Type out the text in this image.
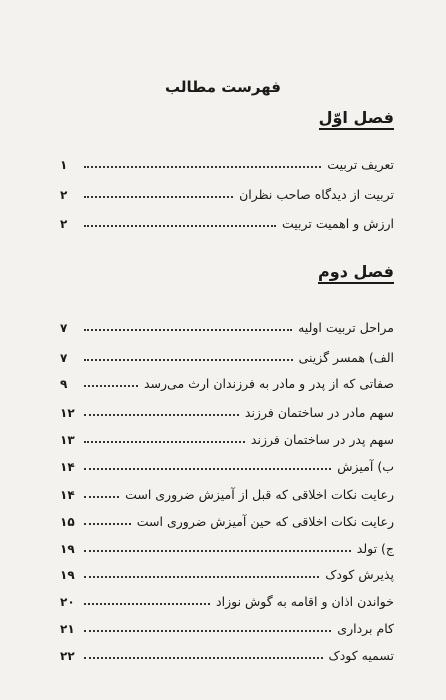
فهرست مطالب
فصل اوّل
تعریف تربیت
۱
تربیت از دیدگاه صاحب نظران
۲
ارزش و اهمیت تربیت
۲
فصل دوم
مراحل تربیت اولیه
۷
الف) همسر گزینی
۷
صفاتی که از پدر و مادر به فرزندان ارث می‌رسد
۹
سهم مادر در ساختمان فرزند
۱۲
سهم پدر در ساختمان فرزند
۱۳
ب) آمیزش
۱۴
رعایت نکات اخلاقی که قبل از آمیزش ضروری است
۱۴
رعایت نکات اخلاقی که حین آمیزش ضروری است
۱۵
ج) تولد
۱۹
پذیرش کودک
۱۹
خواندن اذان و اقامه به گوش نوزاد
۲۰
کام برداری
۲۱
تسمیه کودک
۲۲
